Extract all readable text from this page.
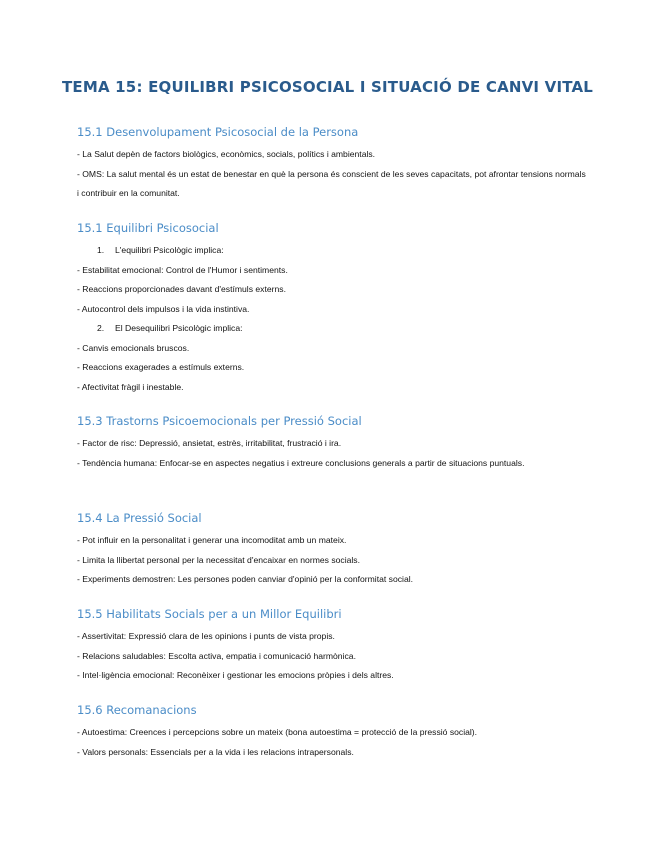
TEMA 15: EQUILIBRI PSICOSOCIAL I SITUACIÓ DE CANVI VITAL
15.1 Desenvolupament Psicosocial de la Persona

- La Salut depèn de factors biològics, econòmics, socials, polítics i ambientals.

- OMS: La salut mental és un estat de benestar en què la persona és conscient de les seves capacitats, pot afrontar tensions normals i contribuir en la comunitat.

15.1 Equilibri Psicosocial

1. L'equilibri Psicològic implica:

- Estabilitat emocional: Control de l'Humor i sentiments.

- Reaccions proporcionades davant d'estímuls externs.

- Autocontrol dels impulsos i la vida instintiva.

2. El Desequilibri Psicològic implica:

- Canvis emocionals bruscos.

- Reaccions exagerades a estímuls externs.

- Afectivitat fràgil i inestable.

15.3 Trastorns Psicoemocionals per Pressió Social

- Factor de risc: Depressió, ansietat, estrès, irritabilitat, frustració i ira.

- Tendència humana: Enfocar-se en aspectes negatius i extreure conclusions generals a partir de situacions puntuals.

15.4 La Pressió Social

- Pot influir en la personalitat i generar una incomoditat amb un mateix.

- Limita la llibertat personal per la necessitat d'encaixar en normes socials.

- Experiments demostren: Les persones poden canviar d'opinió per la conformitat social.

15.5 Habilitats Socials per a un Millor Equilibri

- Assertivitat: Expressió clara de les opinions i punts de vista propis.

- Relacions saludables: Escolta activa, empatia i comunicació harmònica.

- Intel·ligència emocional: Reconèixer i gestionar les emocions pròpies i dels altres.

15.6 Recomanacions

- Autoestima: Creences i percepcions sobre un mateix (bona autoestima = protecció de la pressió social).

- Valors personals: Essencials per a la vida i les relacions intrapersonals.
